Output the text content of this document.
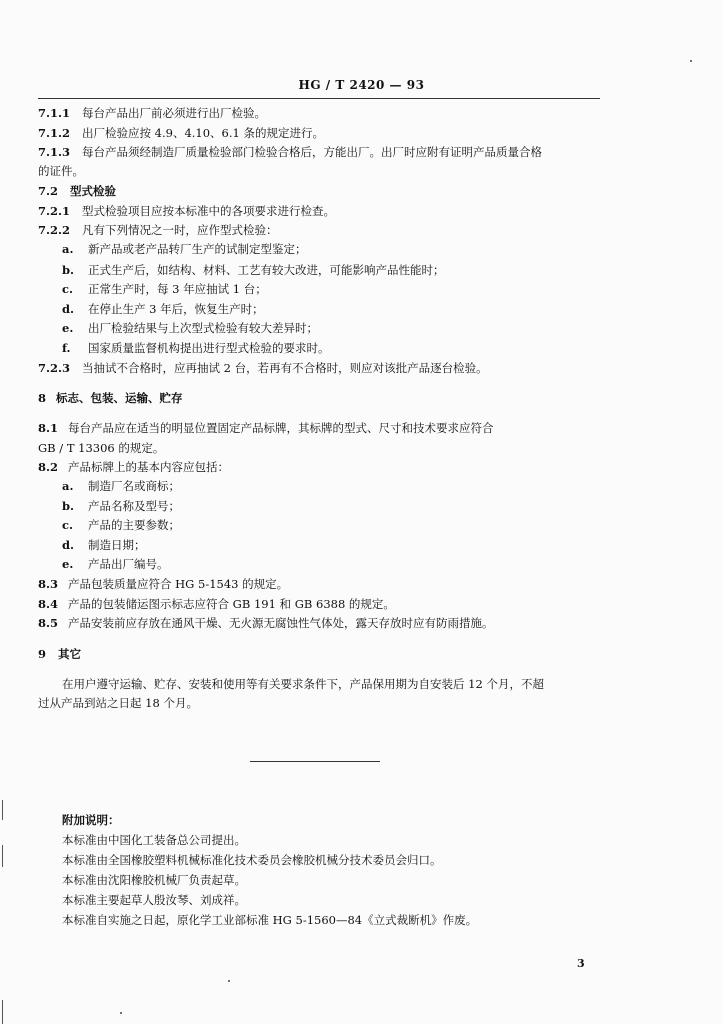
HG / T 2420 — 93
7.1.1 每台产品出厂前必须进行出厂检验。
7.1.2 出厂检验应按 4.9、4.10、6.1 条的规定进行。
7.1.3 每台产品须经制造厂质量检验部门检验合格后，方能出厂。出厂时应附有证明产品质量合格
的证件。
7.2 型式检验
7.2.1 型式检验项目应按本标准中的各项要求进行检查。
7.2.2 凡有下列情况之一时，应作型式检验：
a. 新产品或老产品转厂生产的试制定型鉴定；
b. 正式生产后，如结构、材料、工艺有较大改进，可能影响产品性能时；
c. 正常生产时，每 3 年应抽试 1 台；
d. 在停止生产 3 年后，恢复生产时；
e. 出厂检验结果与上次型式检验有较大差异时；
f. 国家质量监督机构提出进行型式检验的要求时。
7.2.3 当抽试不合格时，应再抽试 2 台，若再有不合格时，则应对该批产品逐台检验。
8 标志、包装、运输、贮存
8.1 每台产品应在适当的明显位置固定产品标牌，其标牌的型式、尺寸和技术要求应符合
GB / T 13306 的规定。
8.2 产品标牌上的基本内容应包括：
a. 制造厂名或商标；
b. 产品名称及型号；
c. 产品的主要参数；
d. 制造日期；
e. 产品出厂编号。
8.3 产品包装质量应符合 HG 5-1543 的规定。
8.4 产品的包装储运图示标志应符合 GB 191 和 GB 6388 的规定。
8.5 产品安装前应存放在通风干燥、无火源无腐蚀性气体处，露天存放时应有防雨措施。
9 其它
在用户遵守运输、贮存、安装和使用等有关要求条件下，产品保用期为自安装后 12 个月，不超
过从产品到站之日起 18 个月。
附加说明：
本标准由中国化工装备总公司提出。
本标准由全国橡胶塑料机械标准化技术委员会橡胶机械分技术委员会归口。
本标准由沈阳橡胶机械厂负责起草。
本标准主要起草人殷汝琴、刘成祥。
本标准自实施之日起，原化学工业部标准 HG 5-1560—84《立式裁断机》作废。
3
